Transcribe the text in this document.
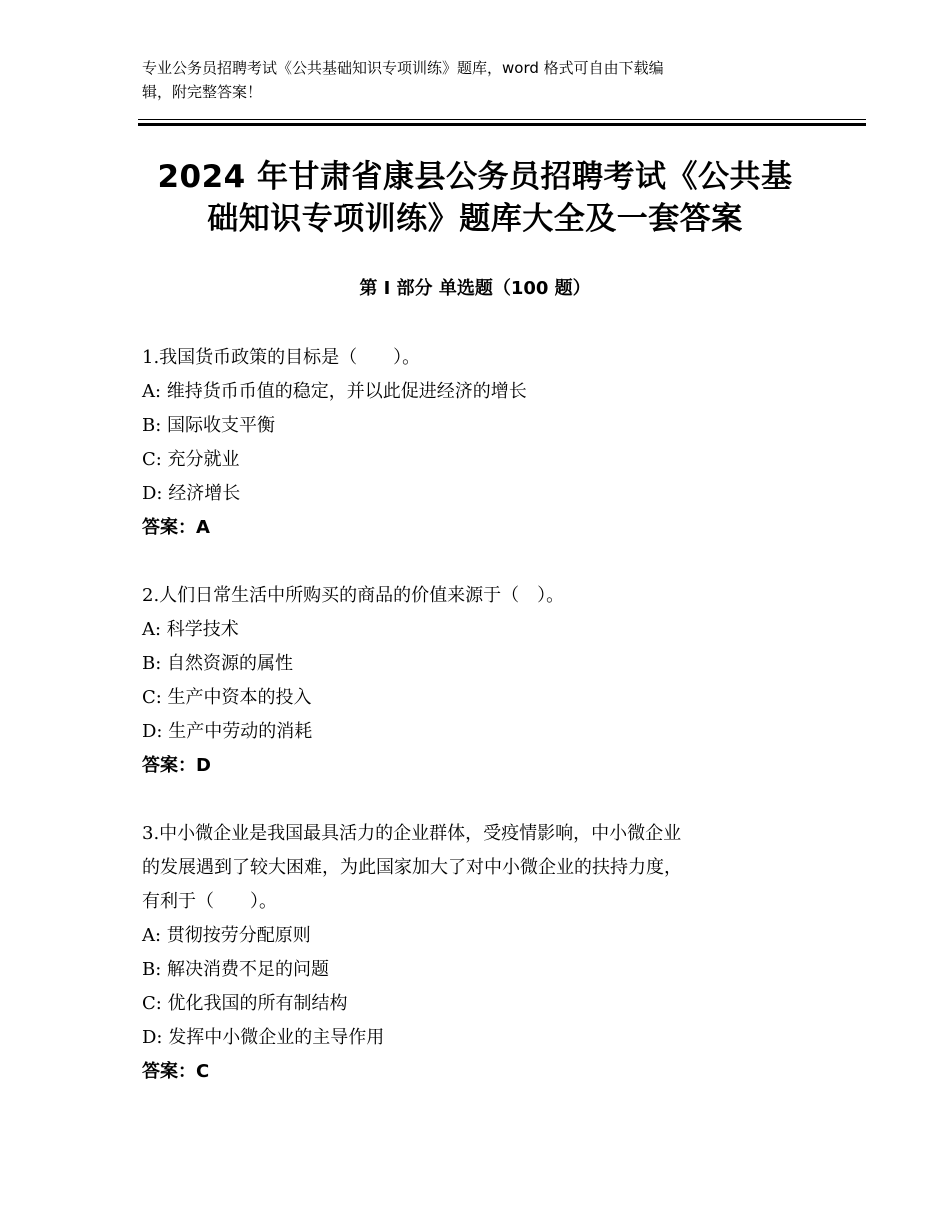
专业公务员招聘考试《公共基础知识专项训练》题库，word 格式可自由下载编
辑，附完整答案！
2024 年甘肃省康县公务员招聘考试《公共基
础知识专项训练》题库大全及一套答案
第 I 部分 单选题（100 题）

1.我国货币政策的目标是（　　）。

A: 维持货币币值的稳定，并以此促进经济的增长

B: 国际收支平衡

C: 充分就业

D: 经济增长

答案：A

2.人们日常生活中所购买的商品的价值来源于（　）。

A: 科学技术

B: 自然资源的属性

C: 生产中资本的投入

D: 生产中劳动的消耗

答案：D

3.中小微企业是我国最具活力的企业群体，受疫情影响，中小微企业

的发展遇到了较大困难，为此国家加大了对中小微企业的扶持力度，

有利于（　　）。

A: 贯彻按劳分配原则

B: 解决消费不足的问题

C: 优化我国的所有制结构

D: 发挥中小微企业的主导作用

答案：C
